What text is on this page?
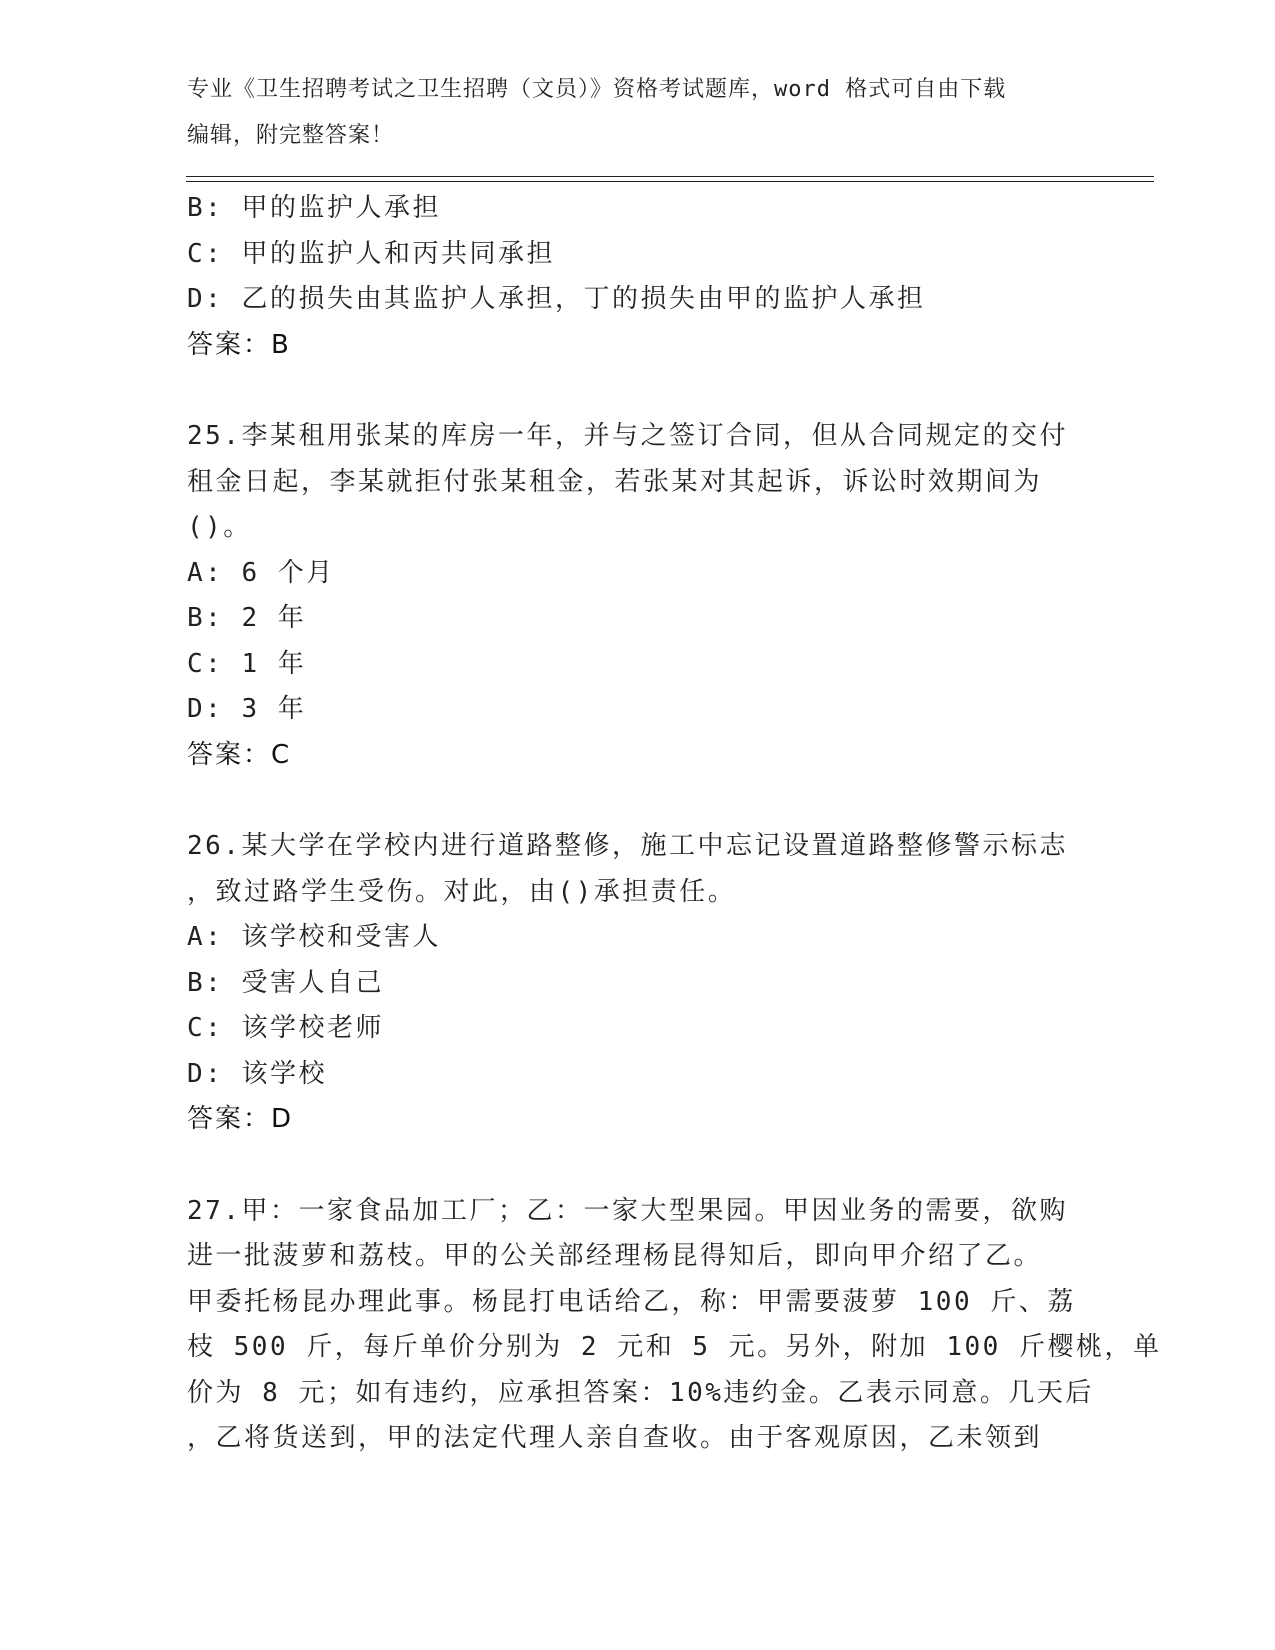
专业《卫生招聘考试之卫生招聘（文员）》资格考试题库，word 格式可自由下载
编辑，附完整答案！
B: 甲的监护人承担
C: 甲的监护人和丙共同承担
D: 乙的损失由其监护人承担，丁的损失由甲的监护人承担
答案：B
25.李某租用张某的库房一年，并与之签订合同，但从合同规定的交付
租金日起，李某就拒付张某租金，若张某对其起诉，诉讼时效期间为
()。
A: 6 个月
B: 2 年
C: 1 年
D: 3 年
答案：C
26.某大学在学校内进行道路整修，施工中忘记设置道路整修警示标志
，致过路学生受伤。对此，由()承担责任。
A: 该学校和受害人
B: 受害人自己
C: 该学校老师
D: 该学校
答案：D
27.甲：一家食品加工厂；乙：一家大型果园。甲因业务的需要，欲购
进一批菠萝和荔枝。甲的公关部经理杨昆得知后，即向甲介绍了乙。
甲委托杨昆办理此事。杨昆打电话给乙，称：甲需要菠萝 100 斤、荔
枝 500 斤，每斤单价分别为 2 元和 5 元。另外，附加 100 斤樱桃，单
价为 8 元；如有违约，应承担答案：10%违约金。乙表示同意。几天后
，乙将货送到，甲的法定代理人亲自查收。由于客观原因，乙未领到
